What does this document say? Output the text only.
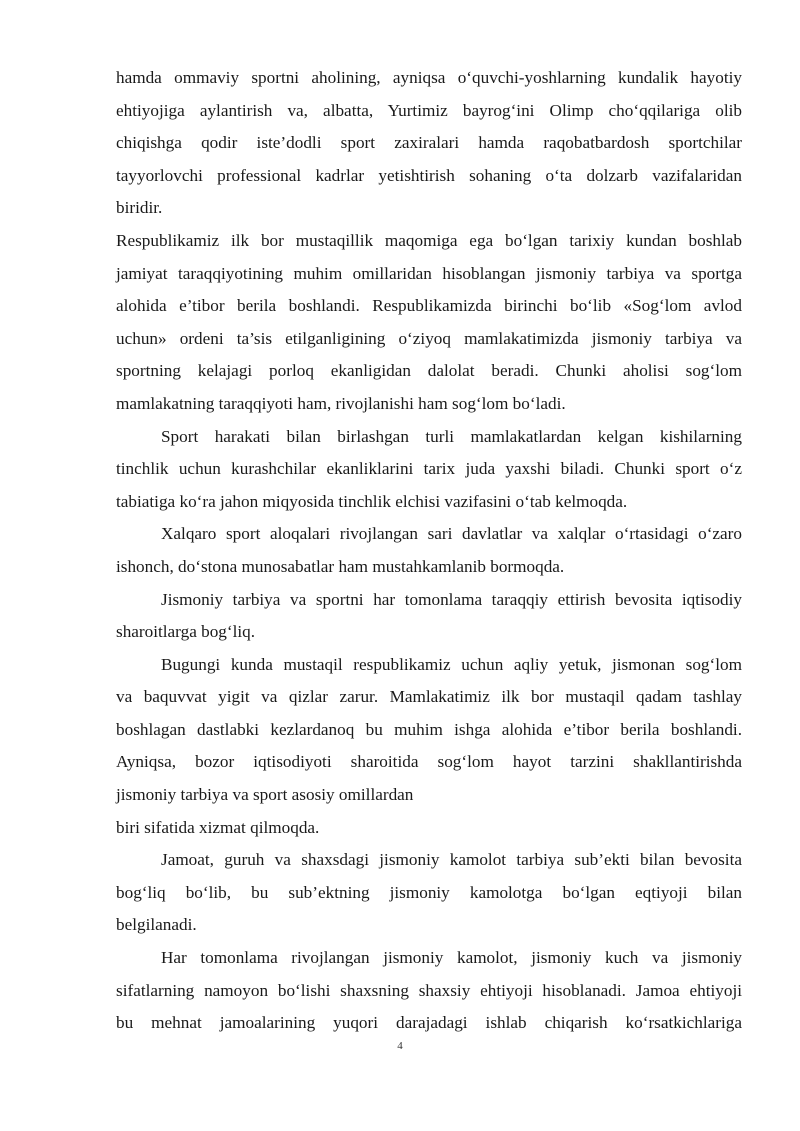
hamda ommaviy sportni aholining, ayniqsa o‘quvchi-yoshlarning kundalik hayotiy
ehtiyojiga aylantirish va, albatta, Yurtimiz bayrog‘ini Olimp cho‘qqilariga olib
chiqishga qodir iste’dodli sport zaxiralari hamda raqobatbardosh sportchilar
tayyorlovchi professional kadrlar yetishtirish sohaning o‘ta dolzarb vazifalaridan
biridir.
Respublikamiz ilk bor mustaqillik maqomiga ega bo‘lgan tarixiy kundan boshlab
jamiyat taraqqiyotining muhim omillaridan hisoblangan jismoniy tarbiya va sportga
alohida e’tibor berila boshlandi. Respublikamizda birinchi bo‘lib «Sog‘lom avlod
uchun» ordeni ta’sis etilganligining o‘ziyoq mamlakatimizda jismoniy tarbiya va
sportning kelajagi porloq ekanligidan dalolat beradi. Chunki aholisi sog‘lom
mamlakatning taraqqiyoti ham, rivojlanishi ham sog‘lom bo‘ladi.
Sport harakati bilan birlashgan turli mamlakatlardan kelgan kishilarning
tinchlik uchun kurashchilar ekanliklarini tarix juda yaxshi biladi. Chunki sport o‘z
tabiatiga ko‘ra jahon miqyosida tinchlik elchisi vazifasini o‘tab kelmoqda.
Xalqaro sport aloqalari rivojlangan sari davlatlar va xalqlar o‘rtasidagi o‘zaro
ishonch, do‘stona munosabatlar ham mustahkamlanib bormoqda.
Jismoniy tarbiya va sportni har tomonlama taraqqiy ettirish bevosita iqtisodiy
sharoitlarga bog‘liq.
Bugungi kunda mustaqil respublikamiz uchun aqliy yetuk, jismonan sog‘lom
va baquvvat yigit va qizlar zarur. Mamlakatimiz ilk bor mustaqil qadam tashlay
boshlagan dastlabki kezlardanoq bu muhim ishga alohida e’tibor berila boshlandi.
Ayniqsa, bozor iqtisodiyoti sharoitida sog‘lom hayot tarzini shakllantirishda
jismoniy tarbiya va sport asosiy omillardan
biri sifatida xizmat qilmoqda.
Jamoat, guruh va shaxsdagi jismoniy kamolot tarbiya sub’ekti bilan bevosita
bog‘liq bo‘lib, bu sub’ektning jismoniy kamolotga bo‘lgan eqtiyoji bilan
belgilanadi.
Har tomonlama rivojlangan jismoniy kamolot, jismoniy kuch va jismoniy
sifatlarning namoyon bo‘lishi shaxsning shaxsiy ehtiyoji hisoblanadi. Jamoa ehtiyoji
bu mehnat jamoalarining yuqori darajadagi ishlab chiqarish ko‘rsatkichlariga
4
